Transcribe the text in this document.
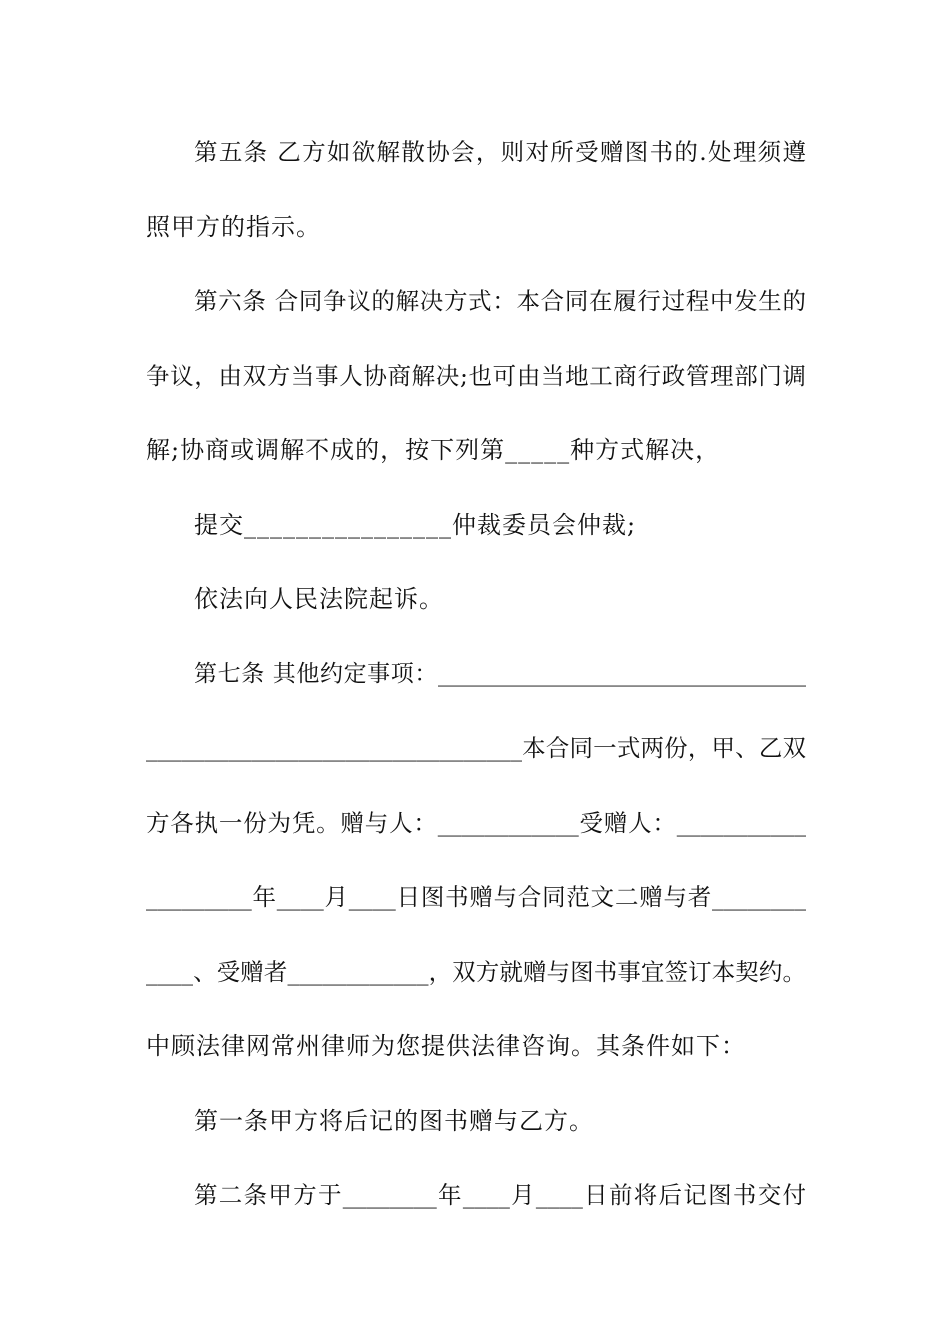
第五条 乙方如欲解散协会，则对所受赠图书的.处理须遵
照甲方的指示。
第六条 合同争议的解决方式：本合同在履行过程中发生的
争议，由双方当事人协商解决;也可由当地工商行政管理部门调
解;协商或调解不成的，按下列第_____种方式解决，
提交________________仲裁委员会仲裁;
依法向人民法院起诉。
第七条 其他约定事项：________________________________
________________________________本合同一式两份，甲、乙双
方各执一份为凭。赠与人：____________受赠人：___________
_________年____月____日图书赠与合同范文二赠与者________
____、受赠者____________，双方就赠与图书事宜签订本契约。
中顾法律网常州律师为您提供法律咨询。其条件如下：
第一条甲方将后记的图书赠与乙方。
第二条甲方于________年____月____日前将后记图书交付
